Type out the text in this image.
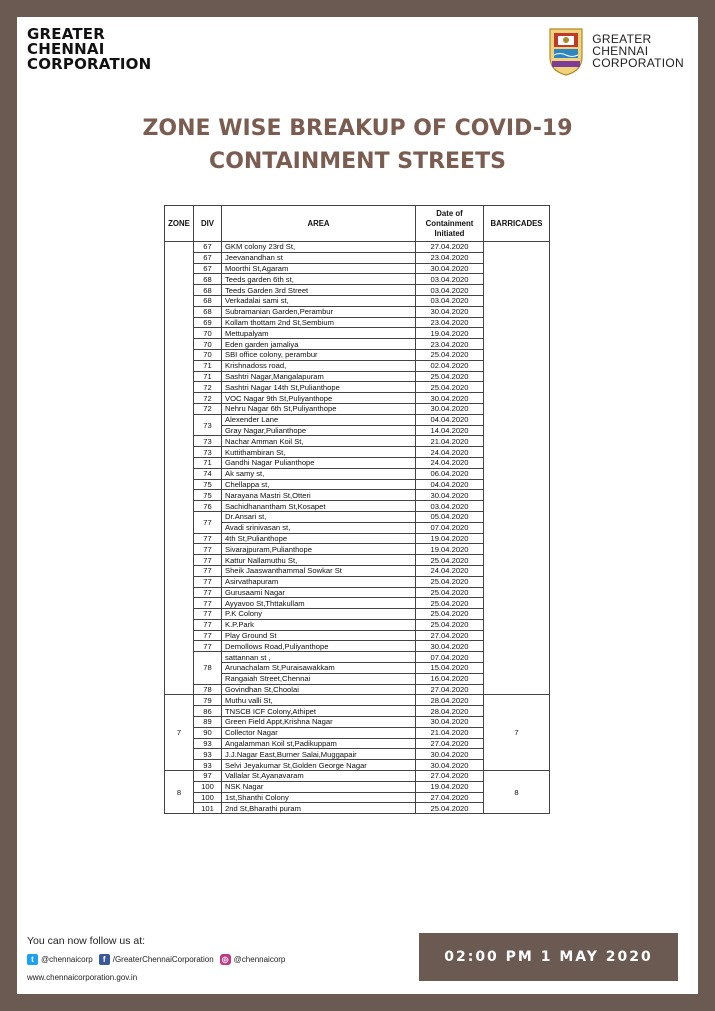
GREATER
CHENNAI
CORPORATION
GREATER
CHENNAI
CORPORATION
ZONE WISE BREAKUP OF COVID-19
CONTAINMENT STREETS
ZONE	DIV	AREA	Date of Containment Initiated	BARRICADES
	67	GKM colony 23rd St,	27.04.2020	
	67	Jeevanandhan st	23.04.2020	
	67	Moorthi St,Agaram	30.04.2020	
	68	Teeds garden 6th st,	03.04.2020	
	68	Teeds Garden 3rd Street	03.04.2020	
	68	Verkadalai sami st,	03.04.2020	
	68	Subramanian Garden,Perambur	30.04.2020	
	69	Kollam thottam 2nd St,Sembium	23.04.2020	
	70	Mettupalyam	19.04.2020	
	70	Eden garden jamaliya	23.04.2020	
	70	SBI office colony, perambur	25.04.2020	
	71	Krishnadoss road,	02.04.2020	
	71	Sashtri Nagar,Mangalapuram	25.04.2020	
	72	Sashtri Nagar 14th St,Pulianthope	25.04.2020	
	72	VOC Nagar 9th St,Puliyanthope	30.04.2020	
	72	Nehru Nagar 6th St,Puliyanthope	30.04.2020	
	73	Alexender Lane	04.04.2020	
		Gray Nagar,Pulianthope	14.04.2020	
	73	Nachar Amman Koil St,	21.04.2020	
	73	Kuttithambiran St,	24.04.2020	
	71	Gandhi Nagar Pulianthope	24.04.2020	
	74	Ak samy st,	06.04.2020	
	75	Chellappa st,	04.04.2020	
	75	Narayana Mastri St,Otteri	30.04.2020	
	76	Sachidhanantham St,Kosapet	03.04.2020	
	77	Dr.Ansari st,	05.04.2020	
		Avadi srinivasan st,	07.04.2020	
	77	4th St,Pulianthope	19.04.2020	
	77	Sivarajpuram,Pulianthope	19.04.2020	
	77	Kattur Nallamuthu St,	25.04.2020	
	77	Sheik Jaaswanthammal Sowkar St	24.04.2020	
	77	Asirvathapuram	25.04.2020	
	77	Gurusaami Nagar	25.04.2020	
	77	Ayyavoo St,Thttakullam	25.04.2020	
	77	P.K Colony	25.04.2020	
	77	K.P.Park	25.04.2020	
	77	Play Ground St	27.04.2020	
	77	Demollows Road,Puliyanthope	30.04.2020	
	78	sattannan st ,	07.04.2020	
		Arunachalam St,Puraisawakkam	15.04.2020	
		Rangaiah Street,Chennai	16.04.2020	
	78	Govindhan St,Choolai	27.04.2020	
7	79	Muthu valli St,	28.04.2020	7
	86	TNSCB ICF Colony,Athipet	28.04.2020	
	89	Green Field Appt,Krishna Nagar	30.04.2020	
	90	Collector Nagar	21.04.2020	
	93	Angalamman Koil st,Padikuppam	27.04.2020	
	93	J.J.Nagar East,Burner Salai,Muggapair	30.04.2020	
	93	Selvi Jeyakumar St,Golden George Nagar	30.04.2020	
8	97	Vallalar St,Ayanavaram	27.04.2020	8
	100	NSK Nagar	19.04.2020	
	100	1st,Shanthi Colony	27.04.2020	
	101	2nd St,Bharathi puram	25.04.2020	
You can now follow us at:
t @chennaicorp	f /GreaterChennaiCorporation ◎ @chennaicorp
www.chennaicorporation.gov.in
02:00 PM 1 MAY 2020
